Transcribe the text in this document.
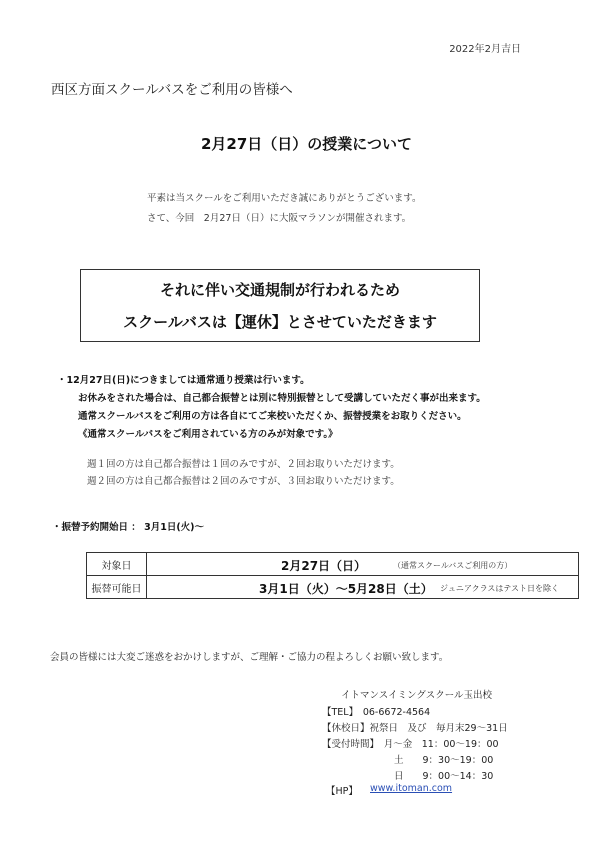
2022年2月吉日
西区方面スクールバスをご利用の皆様へ
2月27日（日）の授業について
平素は当スクールをご利用いただき誠にありがとうございます。
さて、今回　2月27日（日）に大阪マラソンが開催されます。
それに伴い交通規制が行われるため
スクールバスは【運休】とさせていただきます
・12月27日(日)につきましては通常通り授業は行います。
お休みをされた場合は、自己都合振替とは別に特別振替として受講していただく事が出来ます。
通常スクールバスをご利用の方は各自にてご来校いただくか、振替授業をお取りください。
《通常スクールバスをご利用されている方のみが対象です。》
週１回の方は自己都合振替は１回のみですが、２回お取りいただけます。
週２回の方は自己都合振替は２回のみですが、３回お取りいただけます。
・振替予約開始日 ： 3月1日(火)～
対象日	2月27日（日） （通常スクールバスご利用の方）

振替可能日	3月1日（火）～5月28日（土） ジュニアクラスはテスト日を除く
会員の皆様には大変ご迷惑をおかけしますが、ご理解・ご協力の程よろしくお願い致します。
イトマンスイミングスクール玉出校
【TEL】　06-6672-4564
【休校日】祝祭日　及び　毎月末29～31日
【受付時間】　月～金　11：00～19：00
土　　9：30～19：00
日　　9：00～14：30
【HP】 www.itoman.com
